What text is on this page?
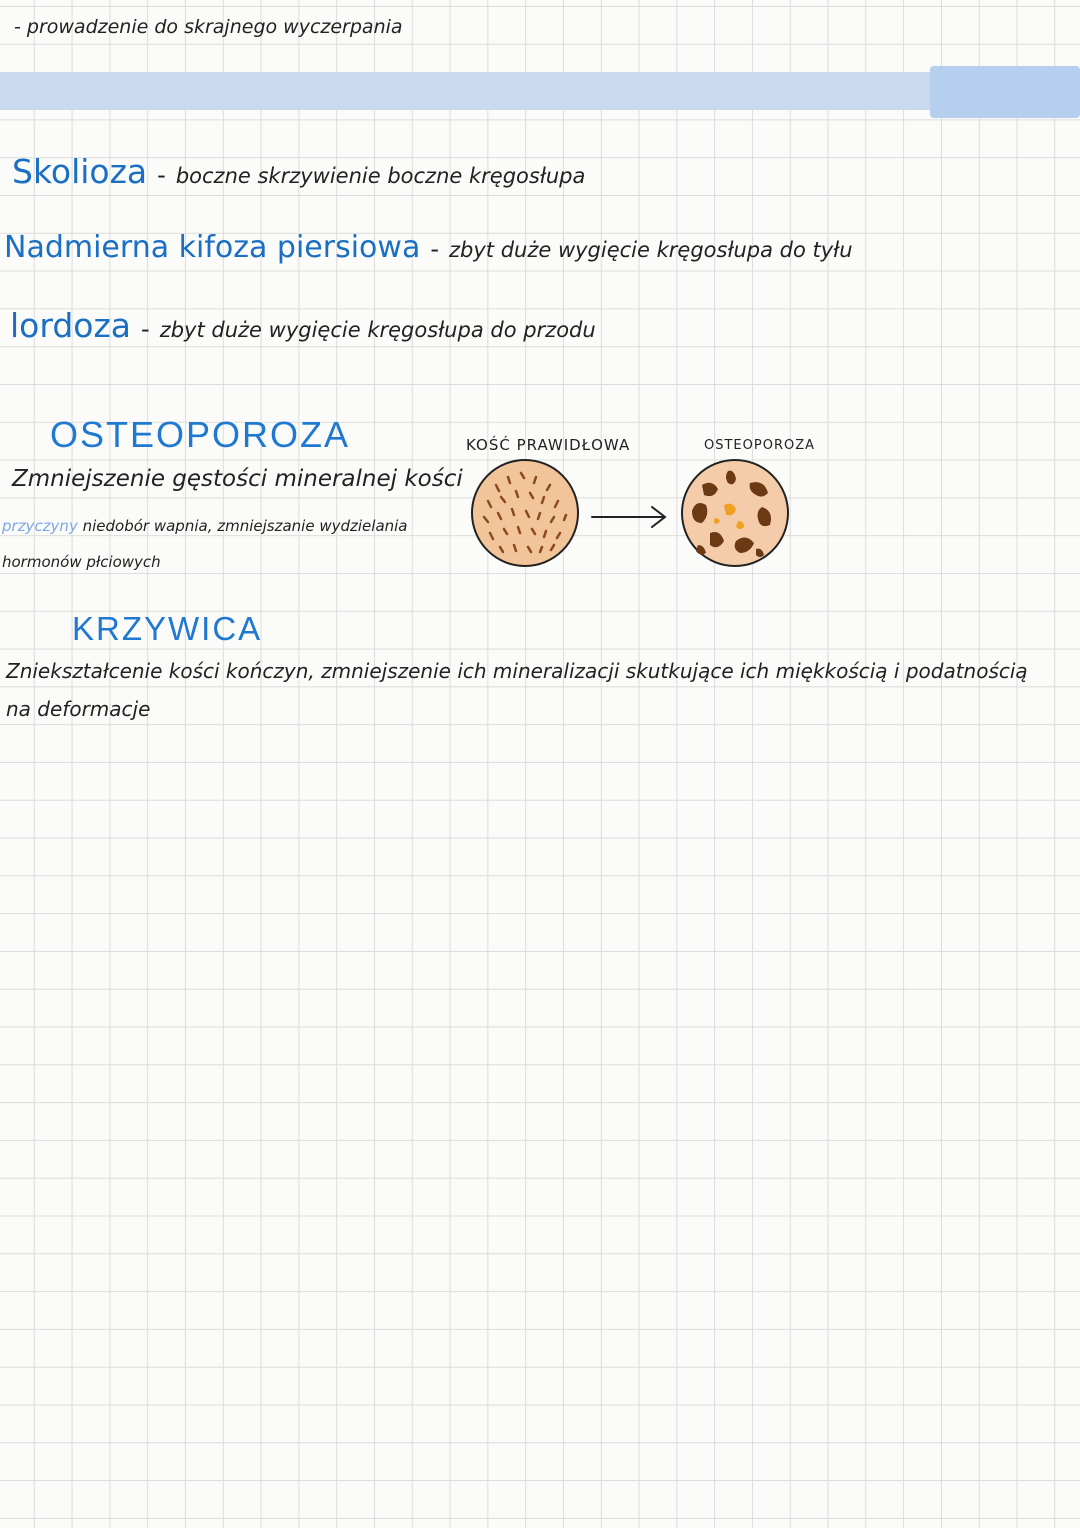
- prowadzenie do skrajnego wyczerpania
Skolioza - boczne skrzywienie boczne kręgosłupa
Nadmierna kifoza piersiowa - zbyt duże wygięcie kręgosłupa do tyłu
lordoza - zbyt duże wygięcie kręgosłupa do przodu
OSTEOPOROZA
Zmniejszenie gęstości mineralnej kości
przyczyny niedobór wapnia, zmniejszanie wydzielania hormonów płciowych
KOŚĆ PRAWIDŁOWA	OSTEOPOROZA
KRZYWICA
Zniekształcenie kości kończyn, zmniejszenie ich mineralizacji skutkujące ich miękkością i podatnością na deformacje
